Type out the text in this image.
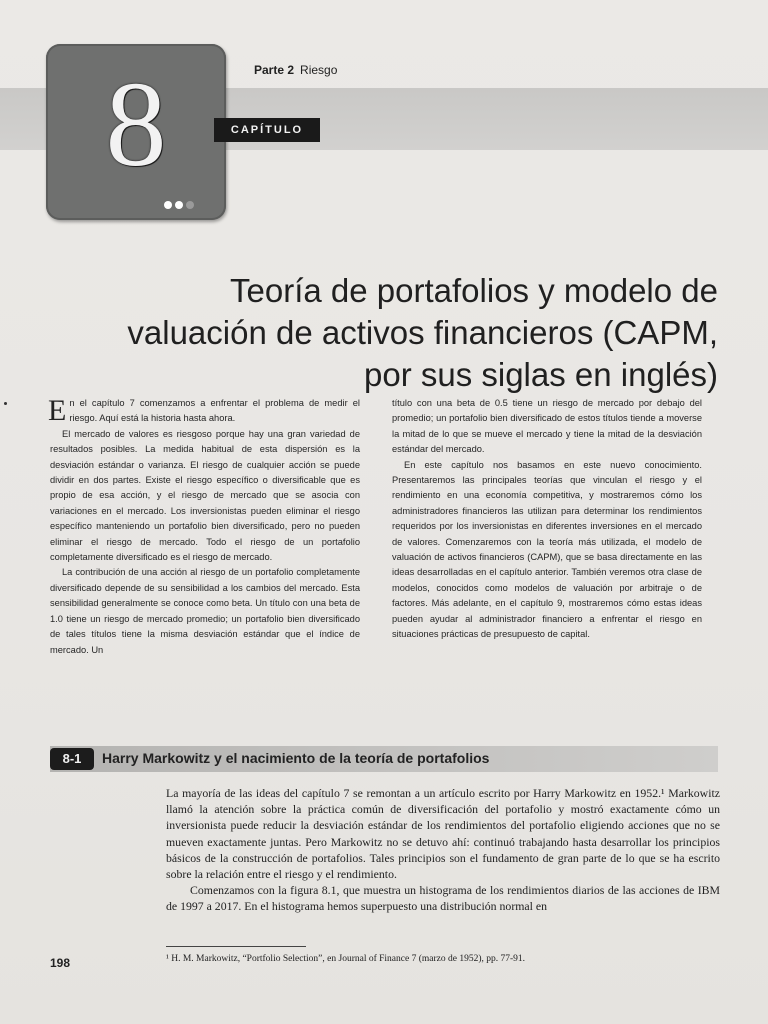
8	Parte 2 Riesgo
CAPÍTULO
Teoría de portafolios y modelo de valuación de activos financieros (CAPM, por sus siglas en inglés)

En el capítulo 7 comenzamos a enfrentar el problema de medir el riesgo. Aquí está la historia hasta ahora.

El mercado de valores es riesgoso porque hay una gran variedad de resultados posibles. La medida habitual de esta dispersión es la desviación estándar o varianza. El riesgo de cualquier acción se puede dividir en dos partes. Existe el riesgo específico o diversificable que es propio de esa acción, y el riesgo de mercado que se asocia con variaciones en el mercado. Los inversionistas pueden eliminar el riesgo específico manteniendo un portafolio bien diversificado, pero no pueden eliminar el riesgo de mercado. Todo el riesgo de un portafolio completamente diversificado es el riesgo de mercado.

La contribución de una acción al riesgo de un portafolio completamente diversificado depende de su sensibilidad a los cambios del mercado. Esta sensibilidad generalmente se conoce como beta. Un título con una beta de 1.0 tiene un riesgo de mercado promedio; un portafolio bien diversificado de tales títulos tiene la misma desviación estándar que el índice de mercado. Un

título con una beta de 0.5 tiene un riesgo de mercado por debajo del promedio; un portafolio bien diversificado de estos títulos tiende a moverse la mitad de lo que se mueve el mercado y tiene la mitad de la desviación estándar del mercado.

En este capítulo nos basamos en este nuevo conocimiento. Presentaremos las principales teorías que vinculan el riesgo y el rendimiento en una economía competitiva, y mostraremos cómo los administradores financieros las utilizan para determinar los rendimientos requeridos por los inversionistas en diferentes inversiones en el mercado de valores. Comenzaremos con la teoría más utilizada, el modelo de valuación de activos financieros (CAPM), que se basa directamente en las ideas desarrolladas en el capítulo anterior. También veremos otra clase de modelos, conocidos como modelos de valuación por arbitraje o de factores. Más adelante, en el capítulo 9, mostraremos cómo estas ideas pueden ayudar al administrador financiero a enfrentar el riesgo en situaciones prácticas de presupuesto de capital.

8-1	Harry Markowitz y el nacimiento de la teoría de portafolios

La mayoría de las ideas del capítulo 7 se remontan a un artículo escrito por Harry Markowitz en 1952.¹ Markowitz llamó la atención sobre la práctica común de diversificación del portafolio y mostró exactamente cómo un inversionista puede reducir la desviación estándar de los rendimientos del portafolio eligiendo acciones que no se mueven exactamente juntas. Pero Markowitz no se detuvo ahí: continuó trabajando hasta desarrollar los principios básicos de la construcción de portafolios. Tales principios son el fundamento de gran parte de lo que se ha escrito sobre la relación entre el riesgo y el rendimiento.

Comenzamos con la figura 8.1, que muestra un histograma de los rendimientos diarios de las acciones de IBM de 1997 a 2017. En el histograma hemos superpuesto una distribución normal en

¹ H. M. Markowitz, “Portfolio Selection”, en Journal of Finance 7 (marzo de 1952), pp. 77-91.
198
